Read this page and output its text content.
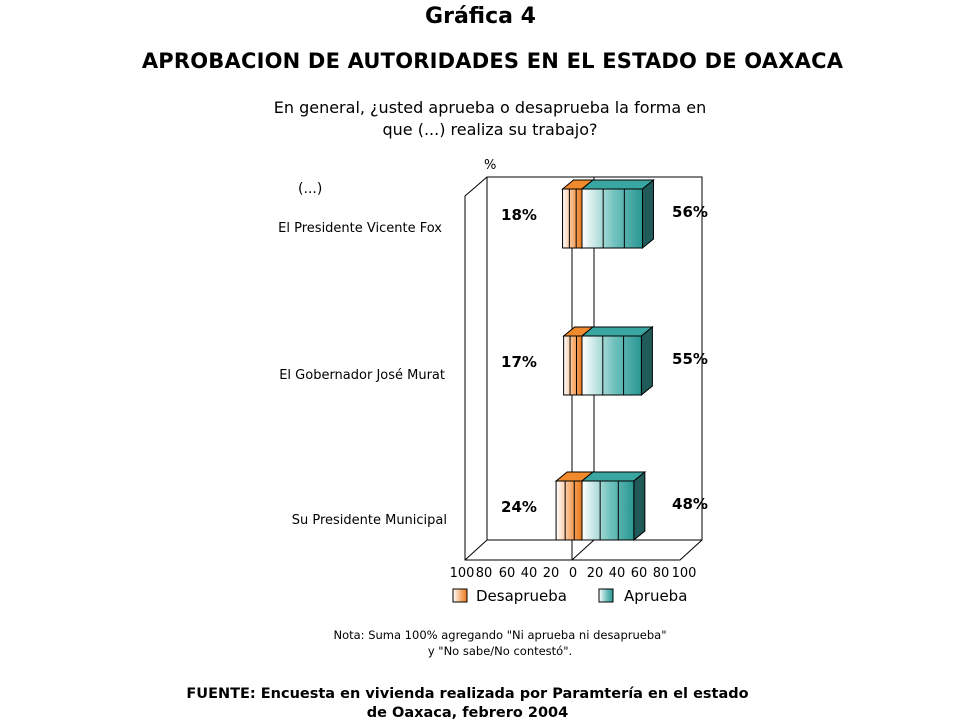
Gráfica 4
APROBACION DE AUTORIDADES EN EL ESTADO DE OAXACA
En general, ¿usted aprueba o desaprueba la forma en
que (...) realiza su trabajo?
(...)
El Presidente Vicente Fox
El Gobernador José Murat
Su Presidente Municipal
%
18%	56%
17%	55%
24%	48%
100 80 60 40 20 0 20 40 60 80 100
Desaprueba	Aprueba
Nota: Suma 100% agregando "Ni aprueba ni desaprueba"
y "No sabe/No contestó".
FUENTE: Encuesta en vivienda realizada por Paramtería en el estado
de Oaxaca, febrero 2004
